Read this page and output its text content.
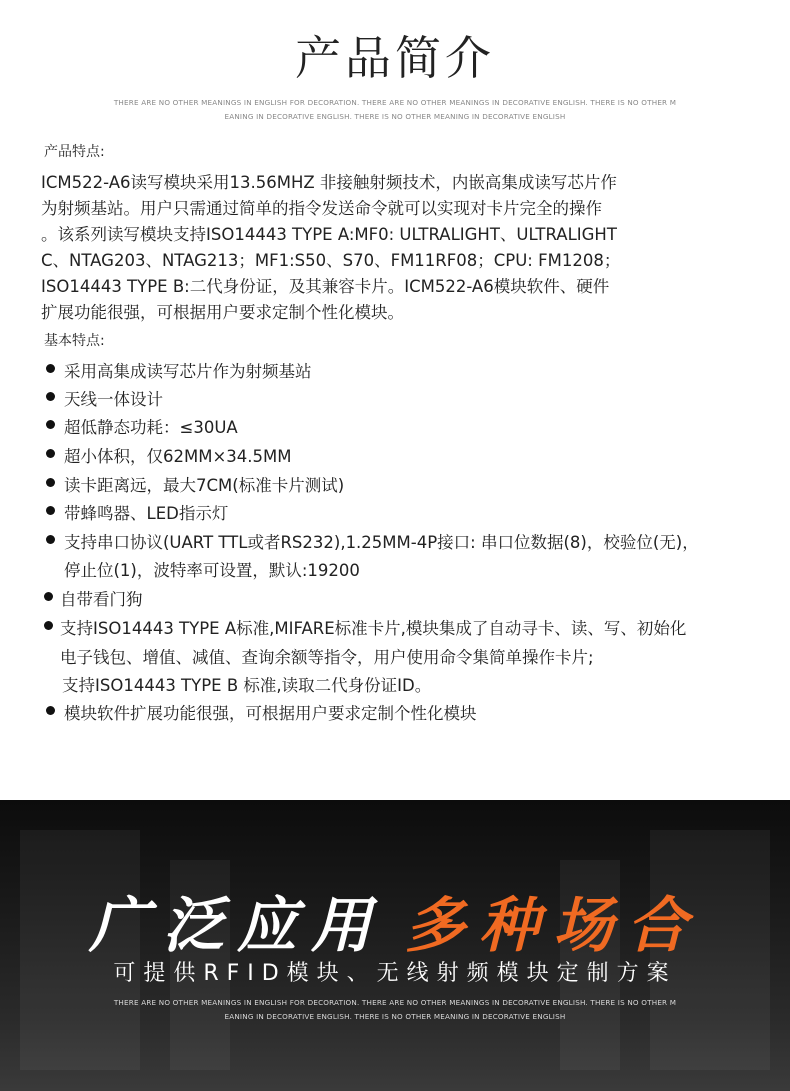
产品简介
THERE ARE NO OTHER MEANINGS IN ENGLISH FOR DECORATION. THERE ARE NO OTHER MEANINGS IN DECORATIVE ENGLISH. THERE IS NO OTHER M
EANING IN DECORATIVE ENGLISH. THERE IS NO OTHER MEANING IN DECORATIVE ENGLISH
产品特点:
ICM522-A6读写模块采用13.56MHZ 非接触射频技术，内嵌高集成读写芯片作
为射频基站。用户只需通过简单的指令发送命令就可以实现对卡片完全的操作
。该系列读写模块支持ISO14443 TYPE A:MF0: ULTRALIGHT、ULTRALIGHT
C、NTAG203、NTAG213；MF1:S50、S70、FM11RF08；CPU: FM1208；
ISO14443 TYPE B:二代身份证，及其兼容卡片。ICM522-A6模块软件、硬件
扩展功能很强，可根据用户要求定制个性化模块。
基本特点:
采用高集成读写芯片作为射频基站
天线一体设计
超低静态功耗：≤30UA
超小体积，仅62MM×34.5MM
读卡距离远，最大7CM(标准卡片测试)
带蜂鸣器、LED指示灯
支持串口协议(UART TTL或者RS232),1.25MM-4P接口: 串口位数据(8)，校验位(无)，
停止位(1)，波特率可设置，默认:19200
自带看门狗
支持ISO14443 TYPE A标准,MIFARE标准卡片,模块集成了自动寻卡、读、写、初始化
电子钱包、增值、减值、查询余额等指令，用户使用命令集简单操作卡片;
支持ISO14443 TYPE B 标准,读取二代身份证ID。
模块软件扩展功能很强，可根据用户要求定制个性化模块
广泛应用 多种场合
可提供RFID模块、无线射频模块定制方案
THERE ARE NO OTHER MEANINGS IN ENGLISH FOR DECORATION. THERE ARE NO OTHER MEANINGS IN DECORATIVE ENGLISH. THERE IS NO OTHER M
EANING IN DECORATIVE ENGLISH. THERE IS NO OTHER MEANING IN DECORATIVE ENGLISH
